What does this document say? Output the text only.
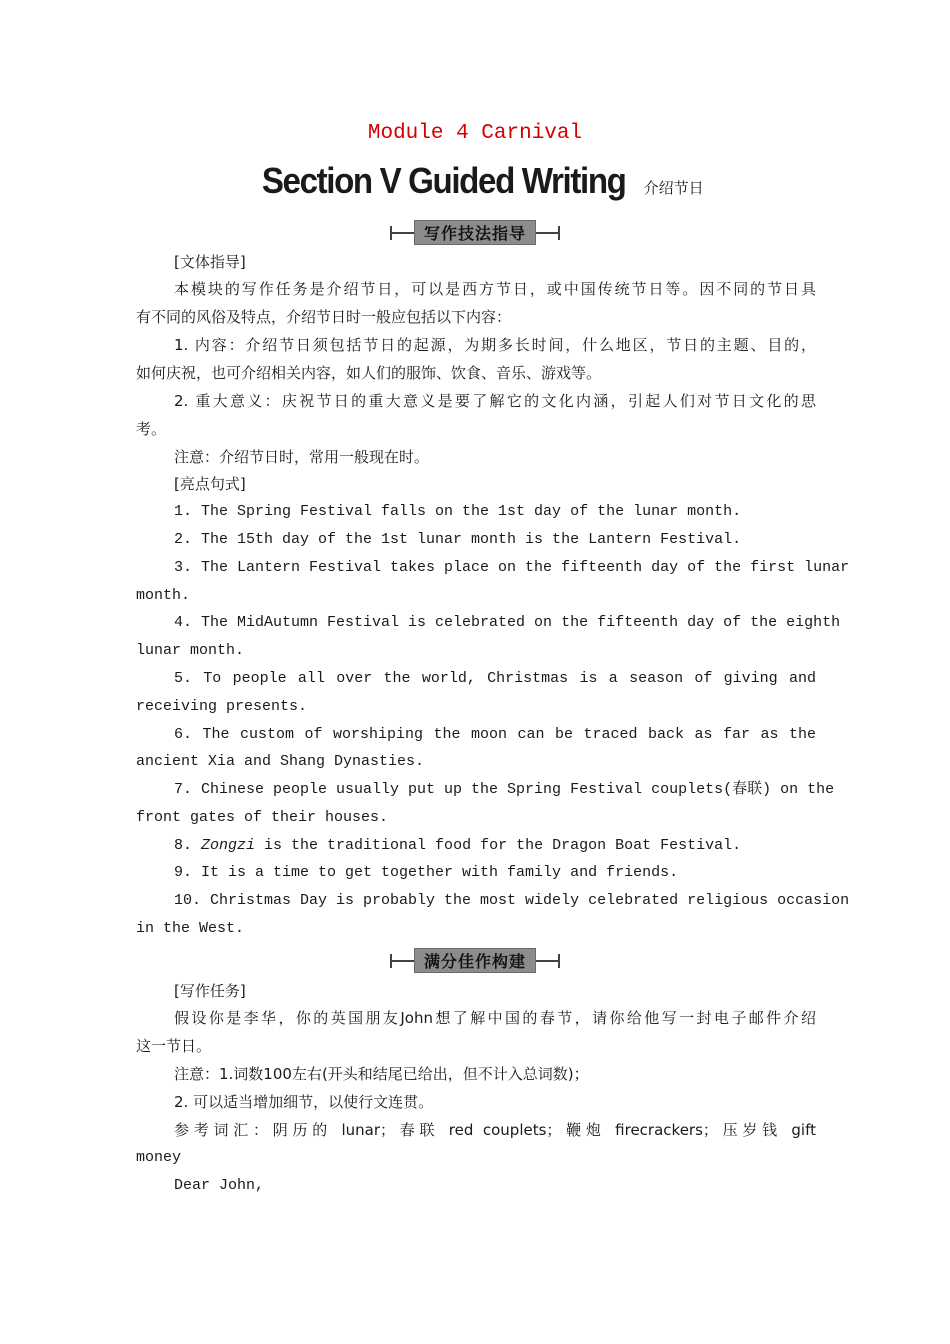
Module 4 Carnival
Section V Guided Writing 介绍节日
写作技法指导
[文体指导]
本模块的写作任务是介绍节日，可以是西方节日，或中国传统节日等。因不同的节日具
有不同的风俗及特点，介绍节日时一般应包括以下内容：
1. 内容：介绍节日须包括节日的起源，为期多长时间，什么地区，节日的主题、目的，
如何庆祝，也可介绍相关内容，如人们的服饰、饮食、音乐、游戏等。
2. 重大意义：庆祝节日的重大意义是要了解它的文化内涵，引起人们对节日文化的思
考。
注意：介绍节日时，常用一般现在时。
[亮点句式]
1. The Spring Festival falls on the 1st day of the lunar month.
2. The 15th day of the 1st lunar month is the Lantern Festival.
3. The Lantern Festival takes place on the fifteenth day of the first lunar
month.
4. The MidAutumn Festival is celebrated on the fifteenth day of the eighth
lunar month.
5. To people all over the world, Christmas is a season of giving and
receiving presents.
6. The custom of worshiping the moon can be traced back as far as the
ancient Xia and Shang Dynasties.
7. Chinese people usually put up the Spring Festival couplets(春联) on the
front gates of their houses.
8. Zongzi is the traditional food for the Dragon Boat Festival.
9. It is a time to get together with family and friends.
10. Christmas Day is probably the most widely celebrated religious occasion
in the West.
满分佳作构建
[写作任务]
假设你是李华，你的英国朋友John想了解中国的春节，请你给他写一封电子邮件介绍
这一节日。
注意：1.词数100左右(开头和结尾已给出，但不计入总词数)；
2. 可以适当增加细节，以使行文连贯。
参考词汇：阴历的 lunar；春联 red couplets；鞭炮 firecrackers；压岁钱 gift
money
Dear John,
